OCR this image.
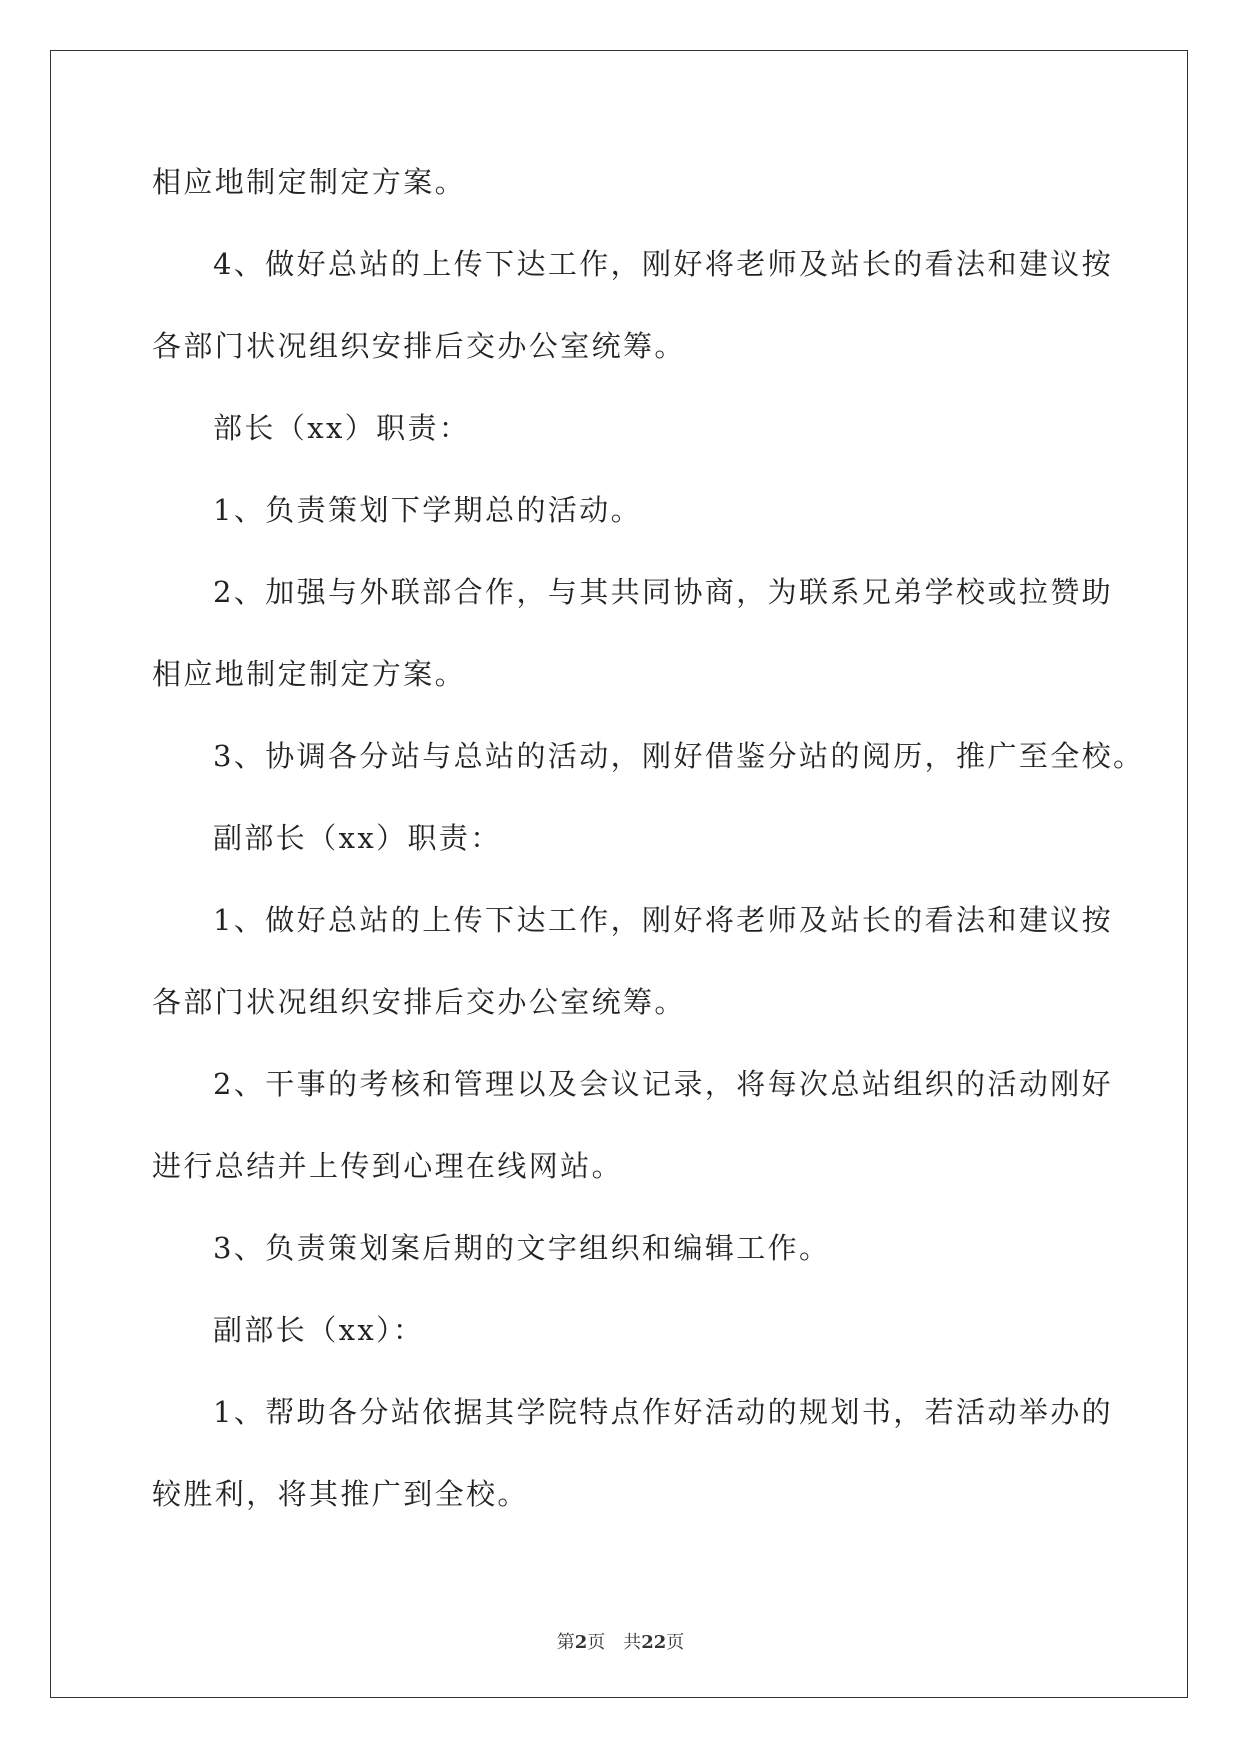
相应地制定制定方案。

4、做好总站的上传下达工作，刚好将老师及站长的看法和建议按

各部门状况组织安排后交办公室统筹。

部长（xx）职责：

1、负责策划下学期总的活动。

2、加强与外联部合作，与其共同协商，为联系兄弟学校或拉赞助

相应地制定制定方案。

3、协调各分站与总站的活动，刚好借鉴分站的阅历，推广至全校。

副部长（xx）职责：

1、做好总站的上传下达工作，刚好将老师及站长的看法和建议按

各部门状况组织安排后交办公室统筹。

2、干事的考核和管理以及会议记录，将每次总站组织的活动刚好

进行总结并上传到心理在线网站。

3、负责策划案后期的文字组织和编辑工作。

副部长（xx）：

1、帮助各分站依据其学院特点作好活动的规划书，若活动举办的

较胜利，将其推广到全校。

第2页 共22页
